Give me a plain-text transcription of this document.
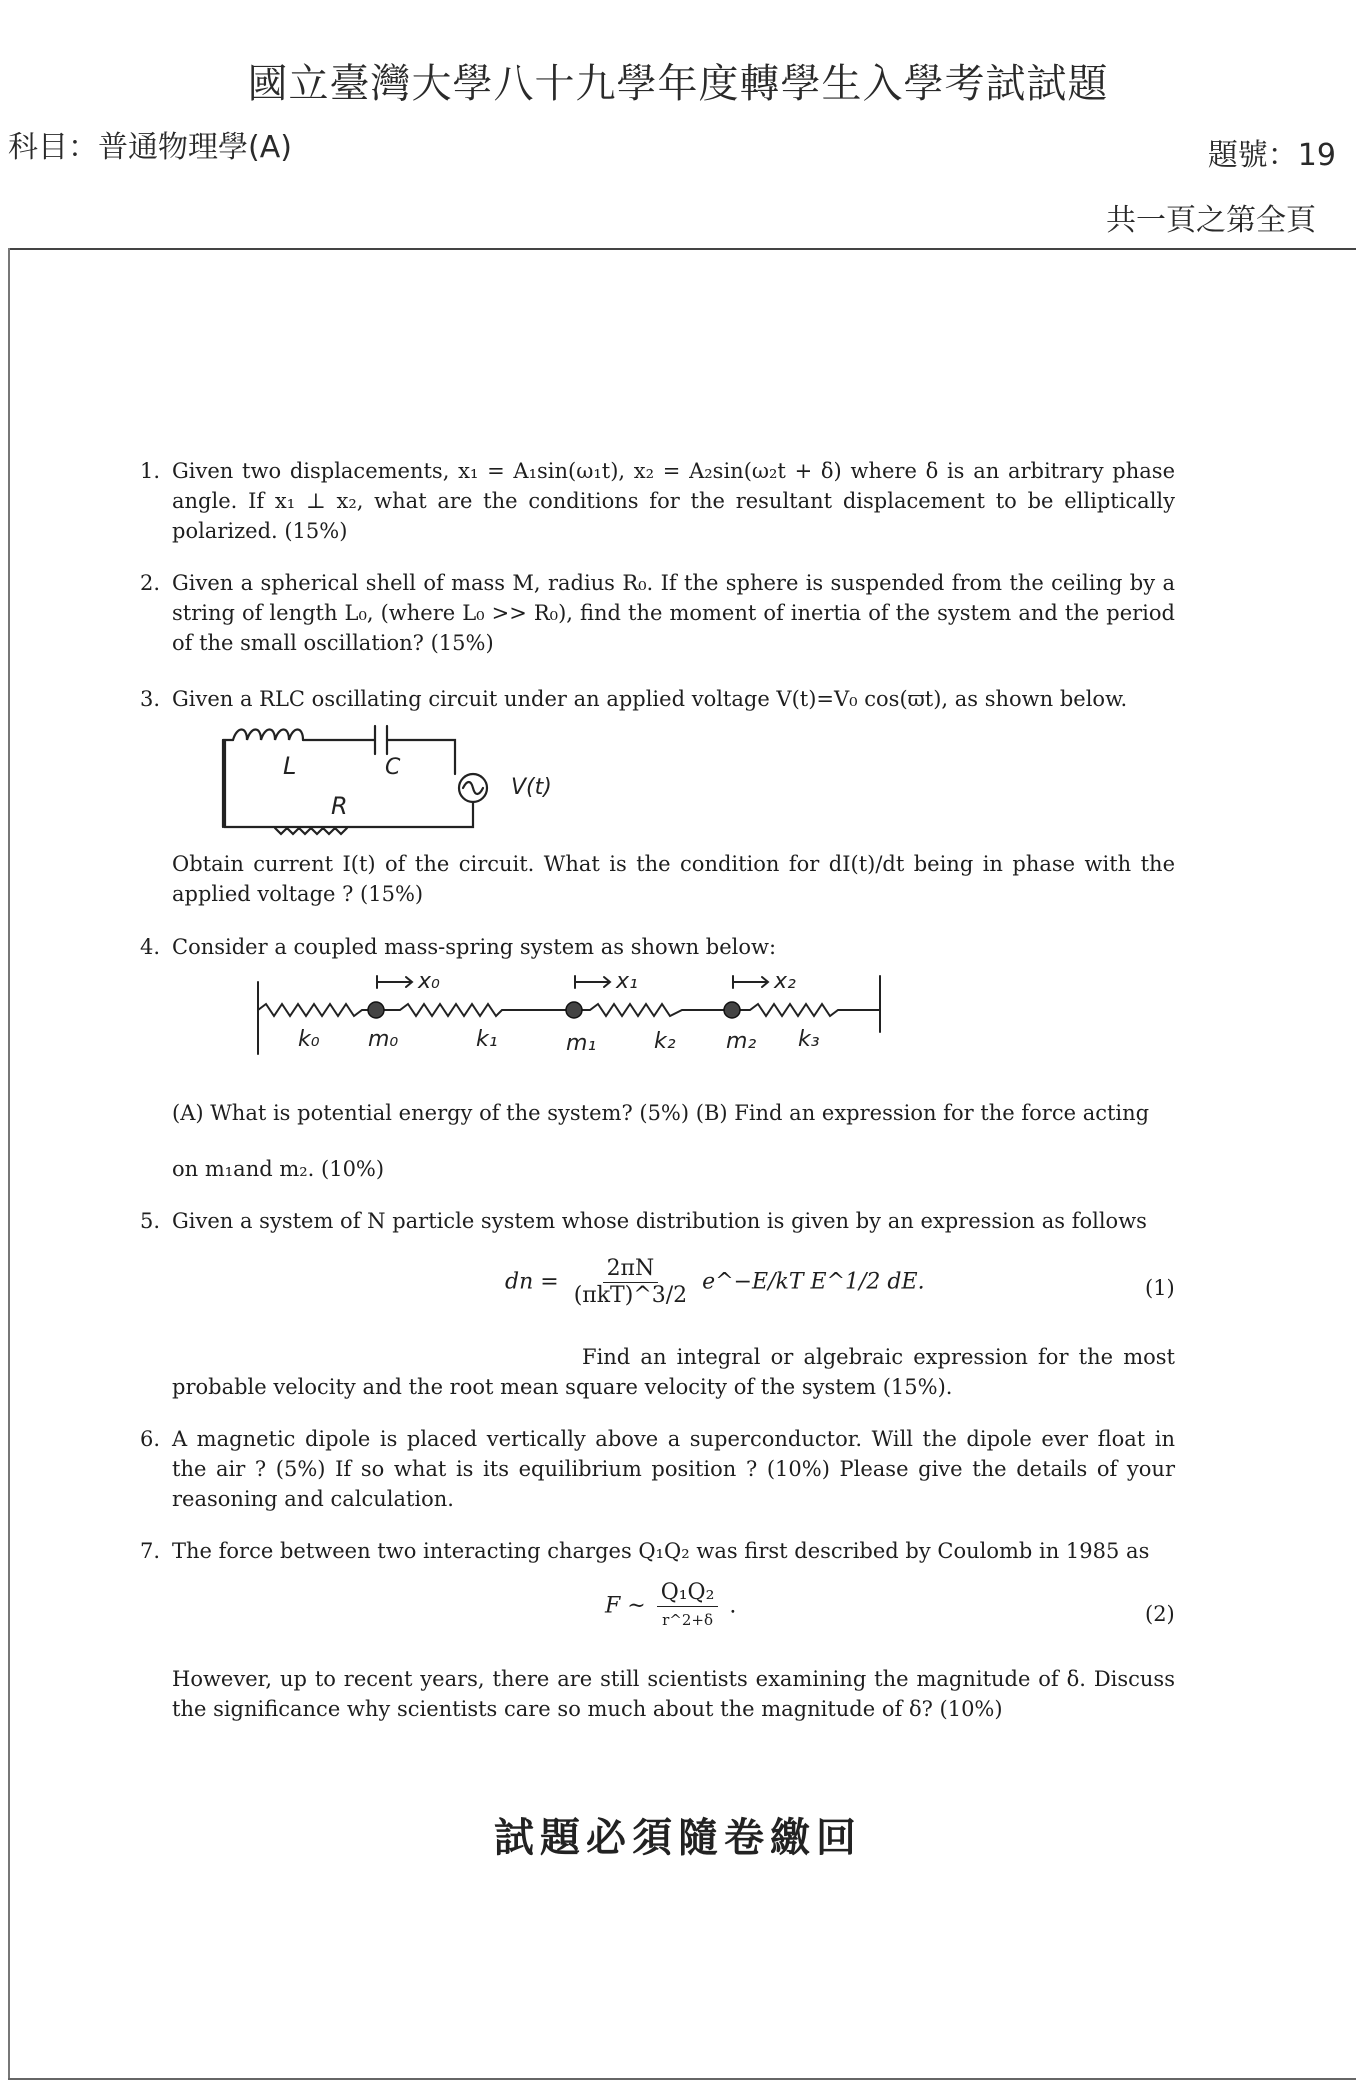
國立臺灣大學八十九學年度轉學生入學考試試題
科目：普通物理學(A)	題號：19
共一頁之第全頁
1. Given two displacements, x₁ = A₁sin(ω₁t), x₂ = A₂sin(ω₂t + δ) where δ is an arbitrary phase angle. If x₁ ⊥ x₂, what are the conditions for the resultant displacement to be elliptically polarized. (15%)
2. Given a spherical shell of mass M, radius R₀. If the sphere is suspended from the ceiling by a string of length L₀, (where L₀ >> R₀), find the moment of inertia of the system and the period of the small oscillation? (15%)
3. Given a RLC oscillating circuit under an applied voltage V(t)=V₀ cos(ϖt), as shown below.
L	C
R
V(t)
Obtain current I(t) of the circuit. What is the condition for dI(t)/dt being in phase with the applied voltage ? (15%)
4. Consider a coupled mass-spring system as shown below:
x₀	x₁	x₂
k₀ m₀	k₁	m₁	k₂ m₂ k₃
(A) What is potential energy of the system? (5%) (B) Find an expression for the force acting
on m₁and m₂. (10%)
5. Given a system of N particle system whose distribution is given by an expression as follows
dn = $\frac{2\pi N}{\text{(πkT)\textasciicircum{}3/2}}$ e^−E/kT E^1/2 dE.	(1)
Find an integral or algebraic expression for the most probable velocity and the root mean square velocity of the system (15%).
6. A magnetic dipole is placed vertically above a superconductor. Will the dipole ever float in the air ? (5%) If so what is its equilibrium position ? (10%) Please give the details of your reasoning and calculation.
7. The force between two interacting charges Q₁Q₂ was first described by Coulomb in 1985 as
F ~ $\frac{\text{Q₁Q₂}}{r\^{}2+\delta}$ .	(2)
However, up to recent years, there are still scientists examining the magnitude of δ. Discuss the significance why scientists care so much about the magnitude of δ? (10%)
試題必須隨卷繳回
